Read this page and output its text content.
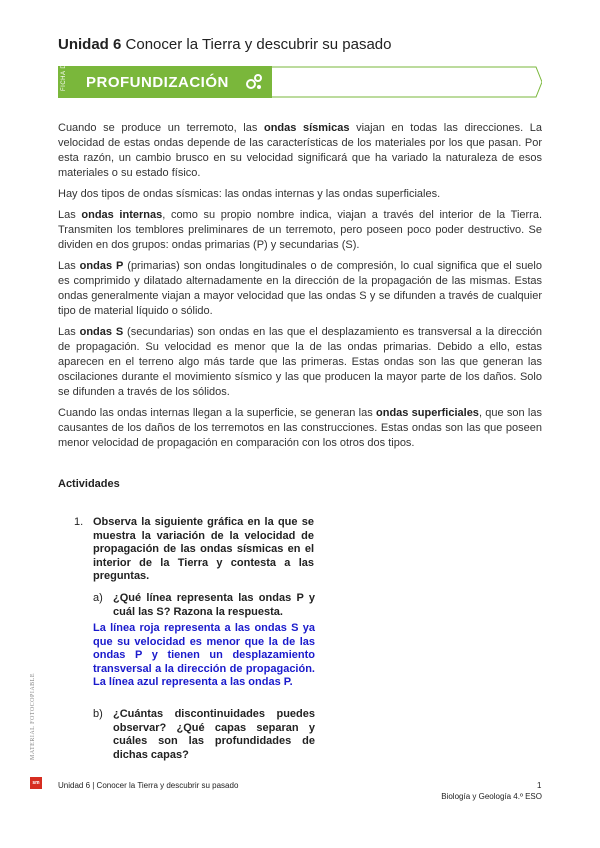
Unidad 6 Conocer la Tierra y descubrir su pasado
FICHA DE PROFUNDIZACIÓN

Cuando se produce un terremoto, las ondas sísmicas viajan en todas las direcciones. La velocidad de estas ondas depende de las características de los materiales por los que pasan. Por esta razón, un cambio brusco en su velocidad significará que ha variado la naturaleza de esos materiales o su estado físico.

Hay dos tipos de ondas sísmicas: las ondas internas y las ondas superficiales.

Las ondas internas, como su propio nombre indica, viajan a través del interior de la Tierra. Transmiten los temblores preliminares de un terremoto, pero poseen poco poder destructivo. Se dividen en dos grupos: ondas primarias (P) y secundarias (S).

Las ondas P (primarias) son ondas longitudinales o de compresión, lo cual significa que el suelo es comprimido y dilatado alternadamente en la dirección de la propagación de las mismas. Estas ondas generalmente viajan a mayor velocidad que las ondas S y se difunden a través de cualquier tipo de material líquido o sólido.

Las ondas S (secundarias) son ondas en las que el desplazamiento es transversal a la dirección de propagación. Su velocidad es menor que la de las ondas primarias. Debido a ello, estas aparecen en el terreno algo más tarde que las primeras. Estas ondas son las que generan las oscilaciones durante el movimiento sísmico y las que producen la mayor parte de los daños. Solo se difunden a través de los sólidos.

Cuando las ondas internas llegan a la superficie, se generan las ondas superficiales, que son las causantes de los daños de los terremotos en las construcciones. Estas ondas son las que poseen menor velocidad de propagación en comparación con los otros dos tipos.

Actividades
1. Observa la siguiente gráfica en la que se muestra la variación de la velocidad de propagación de las ondas sísmicas en el interior de la Tierra y contesta a las preguntas.
a) ¿Qué línea representa las ondas P y cuál las S? Razona la respuesta.
La línea roja representa a las ondas S ya que su velocidad es menor que la de las ondas P y tienen un desplazamiento transversal a la dirección de propagación. La línea azul representa a las ondas P.
b) ¿Cuántas discontinuidades puedes observar? ¿Qué capas separan y cuáles son las profundidades de dichas capas?
MATERIAL FOTOCOPIABLE
sm Unidad 6 | Conocer la Tierra y descubrir su pasado	1
Biología y Geología 4.º ESO
